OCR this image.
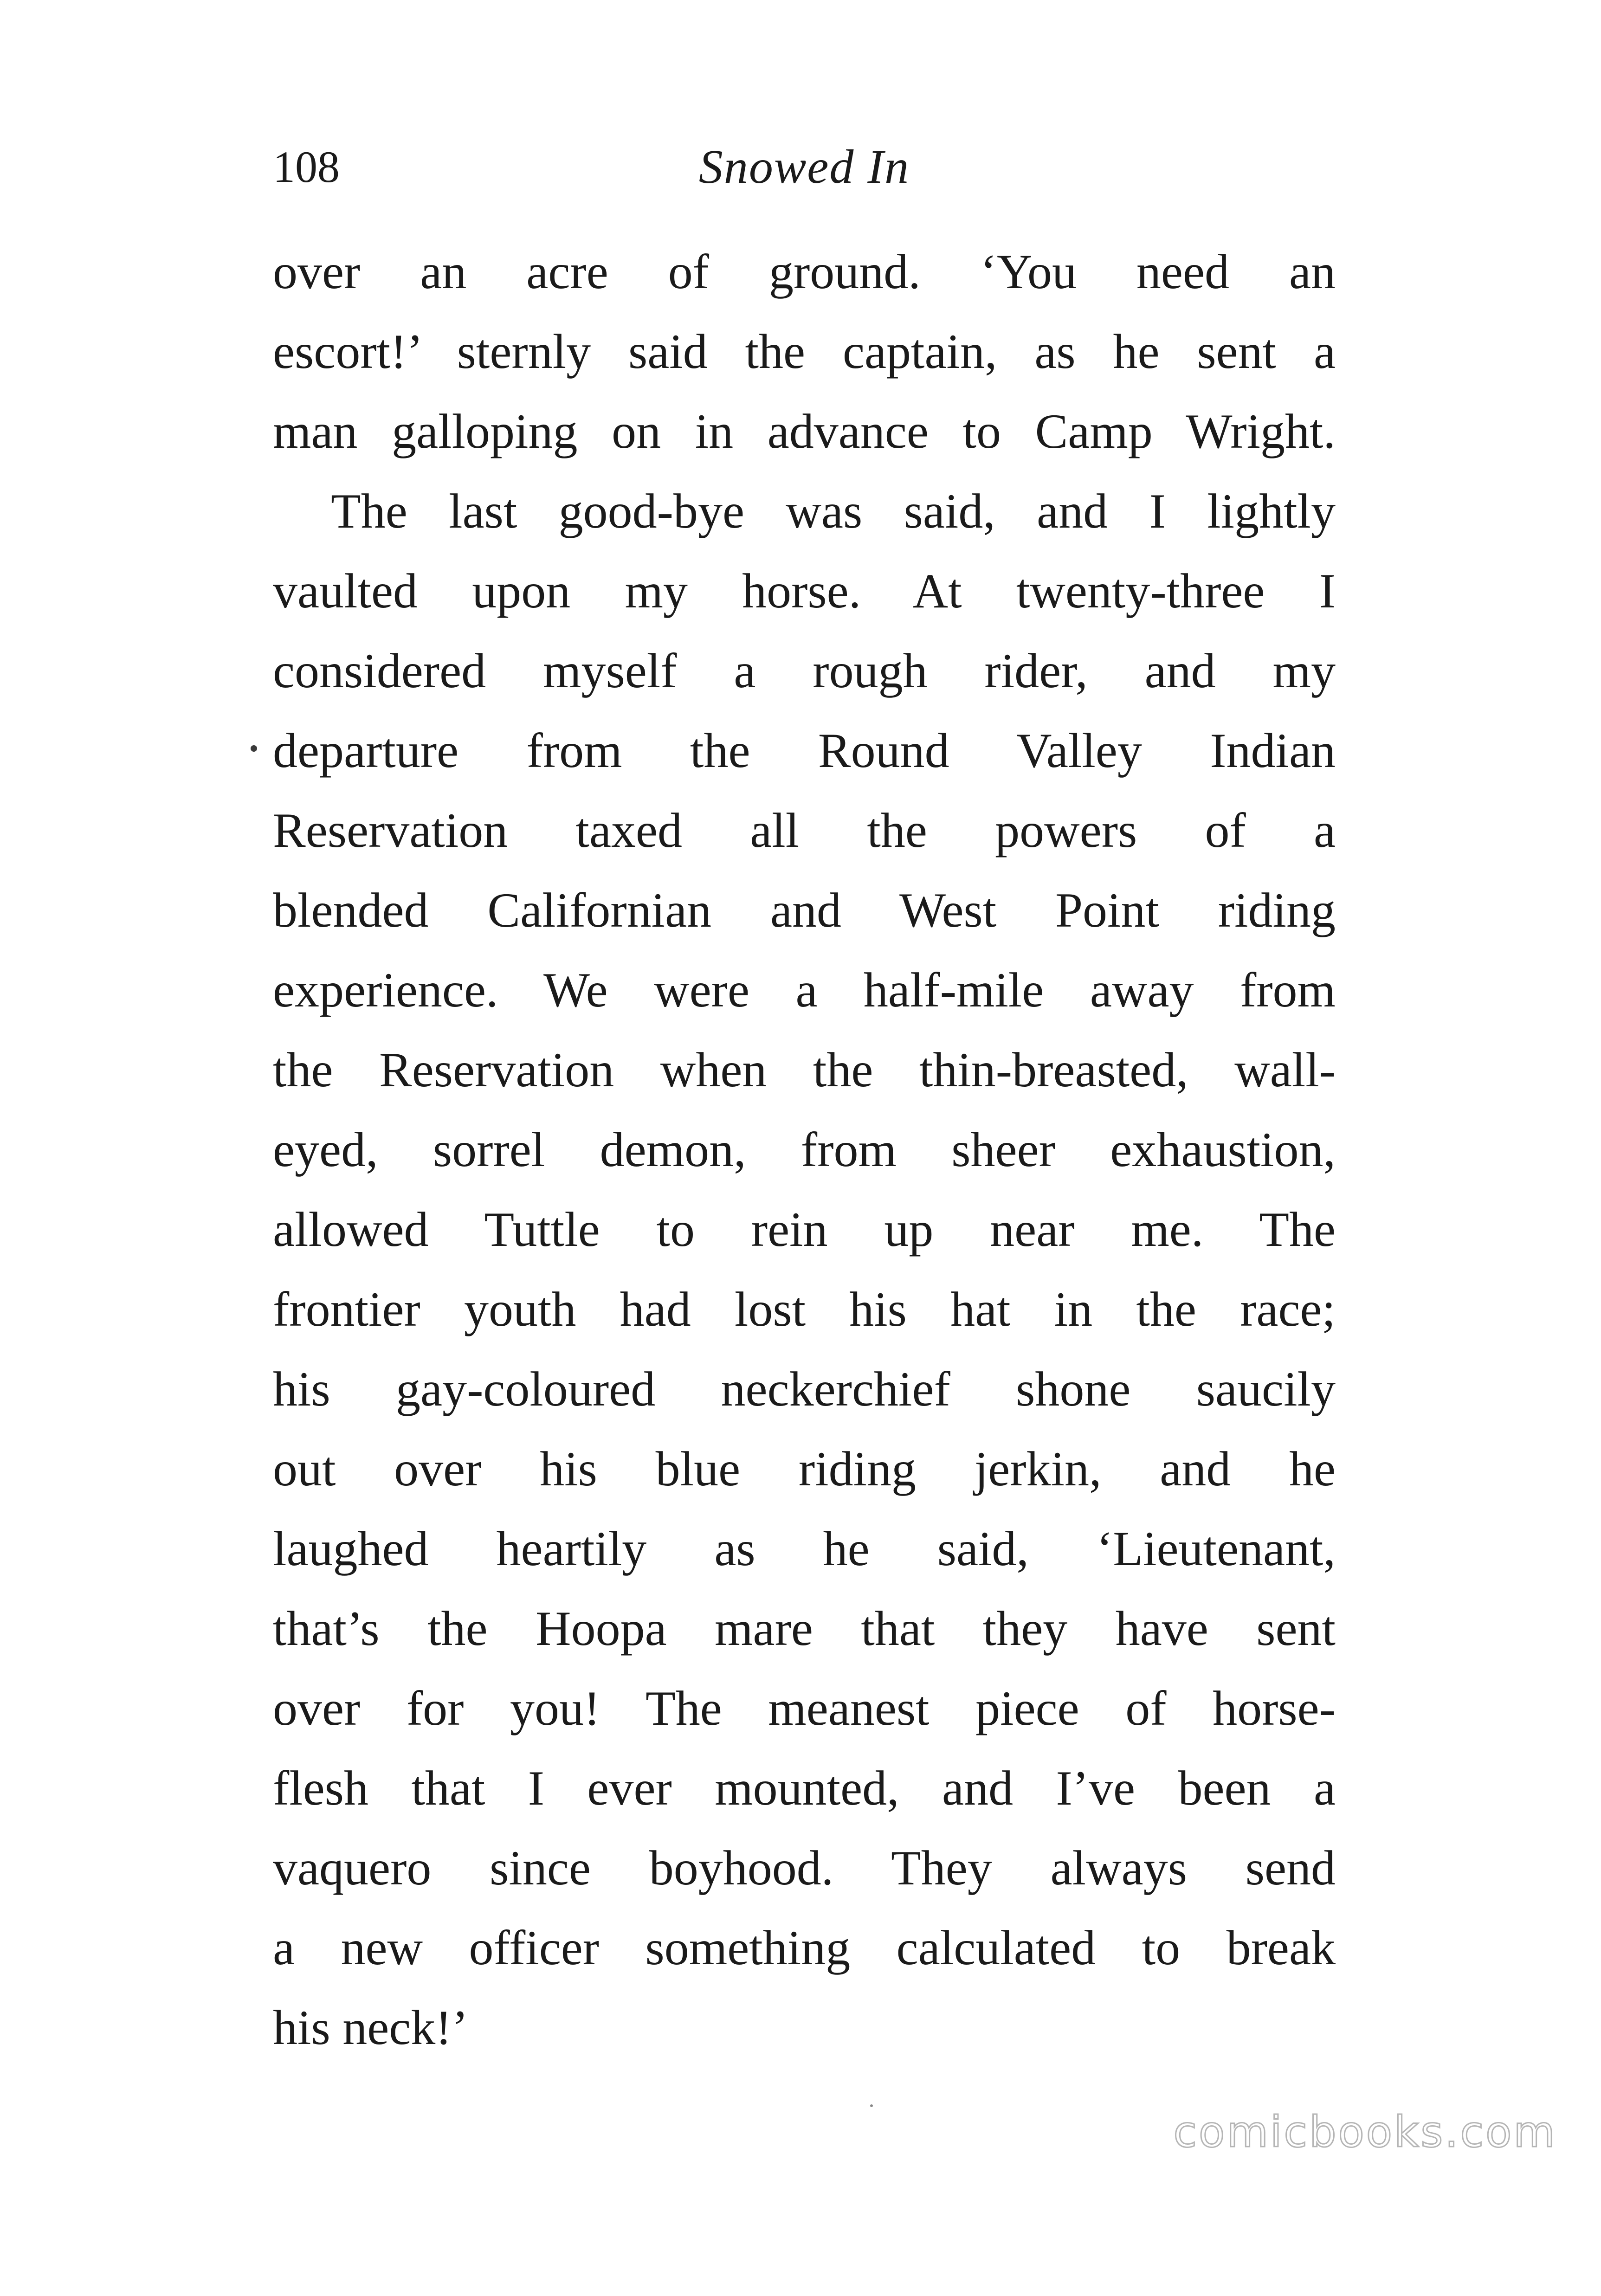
108	Snowed In
over an acre of ground. ‘You need an
escort!’ sternly said the captain, as he sent a
man galloping on in advance to Camp Wright.
The last good-bye was said, and I lightly
vaulted upon my horse. At twenty-three I
considered myself a rough rider, and my
departure from the Round Valley Indian
Reservation taxed all the powers of a
blended Californian and West Point riding
experience. We were a half-mile away from
the Reservation when the thin-breasted, wall-
eyed, sorrel demon, from sheer exhaustion,
allowed Tuttle to rein up near me. The
frontier youth had lost his hat in the race;
his gay-coloured neckerchief shone saucily
out over his blue riding jerkin, and he
laughed heartily as he said, ‘Lieutenant,
that’s the Hoopa mare that they have sent
over for you! The meanest piece of horse-
flesh that I ever mounted, and I’ve been a
vaquero since boyhood. They always send
a new officer something calculated to break
his neck!’
comicbooks.com
